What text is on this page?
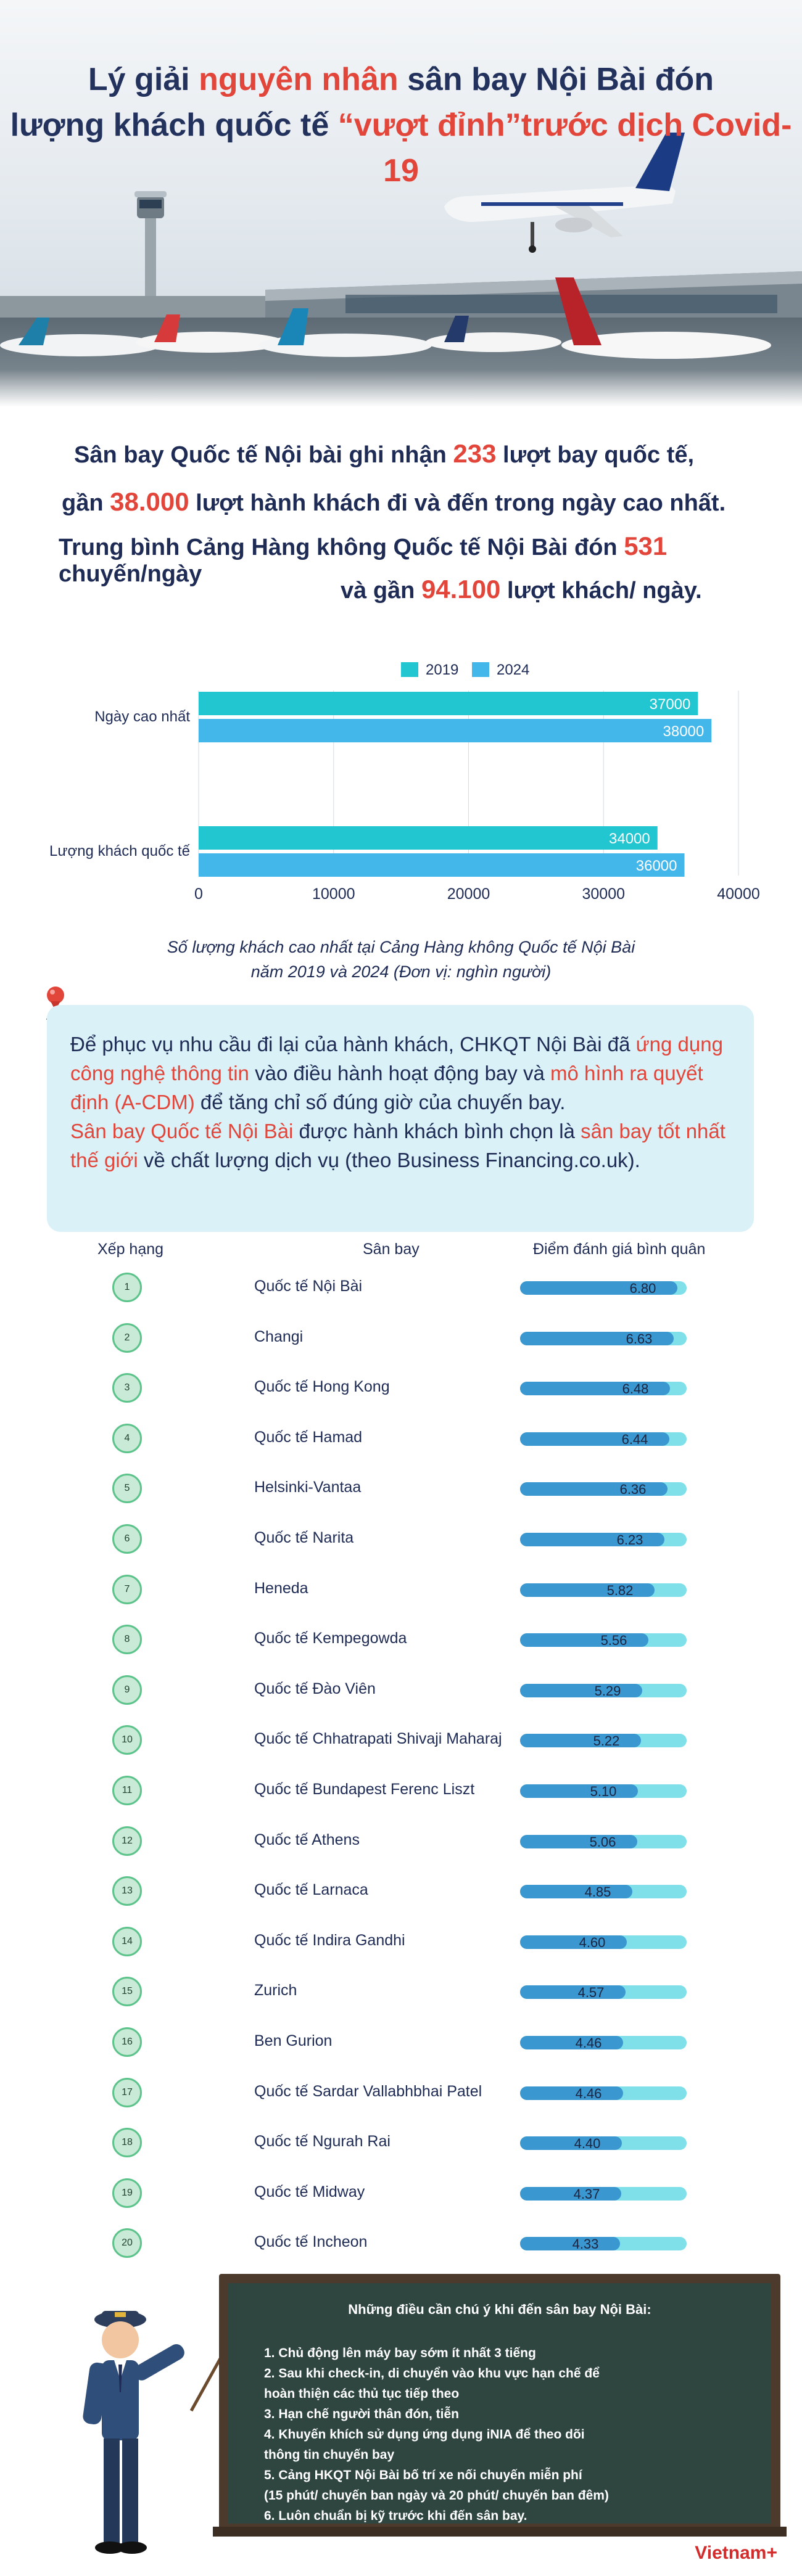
Lý giải nguyên nhân sân bay Nội Bài đón
lượng khách quốc tế “vượt đỉnh”trước dịch Covid-19
Sân bay Quốc tế Nội bài ghi nhận 233 lượt bay quốc tế,
gần 38.000 lượt hành khách đi và đến trong ngày cao nhất.
Trung bình Cảng Hàng không Quốc tế Nội Bài đón 531 chuyến/ngày
và gần 94.100 lượt khách/ ngày.
0	10000	20000	30000	40000
2019	2024
Ngày cao nhất
37000
38000
Lượng khách quốc tế
34000
36000
Số lượng khách cao nhất tại Cảng Hàng không Quốc tế Nội Bài
năm 2019 và 2024 (Đơn vị: nghìn người)
Để phục vụ nhu cầu đi lại của hành khách, CHKQT Nội Bài đã ứng dụng công nghệ thông tin vào điều hành hoạt động bay và mô hình ra quyết định (A-CDM) để tăng chỉ số đúng giờ của chuyến bay.
Sân bay Quốc tế Nội Bài được hành khách bình chọn là sân bay tốt nhất thế giới về chất lượng dịch vụ (theo Business Financing.co.uk).
Xếp hạng	Sân bay	Điểm đánh giá bình quân
1	Quốc tế Nội Bài	6.80
2	Changi	6.63
3	Quốc tế Hong Kong	6.48
4	Quốc tế Hamad	6.44
5	Helsinki-Vantaa	6.36
6	Quốc tế Narita	6.23
7	Heneda	5.82
8	Quốc tế Kempegowda	5.56
9	Quốc tế Đào Viên	5.29
10	Quốc tế Chhatrapati Shivaji Maharaj	5.22
11	Quốc tế Bundapest Ferenc Liszt	5.10
12	Quốc tế Athens	5.06
13	Quốc tế Larnaca	4.85
14	Quốc tế Indira Gandhi	4.60
15	Zurich	4.57
16	Ben Gurion	4.46
17	Quốc tế Sardar Vallabhbhai Patel	4.46
18	Quốc tế Ngurah Rai	4.40
19	Quốc tế Midway	4.37
20	Quốc tế Incheon	4.33
Những điều cần chú ý khi đến sân bay Nội Bài:
1. Chủ động lên máy bay sớm ít nhất 3 tiếng
2. Sau khi check-in, di chuyển vào khu vực hạn chế để
hoàn thiện các thủ tục tiếp theo
3. Hạn chế người thân đón, tiễn
4. Khuyến khích sử dụng ứng dụng iNIA để theo dõi
thông tin chuyến bay
5. Cảng HKQT Nội Bài bố trí xe nối chuyến miễn phí
(15 phút/ chuyến ban ngày và 20 phút/ chuyến ban đêm)
6. Luôn chuẩn bị kỹ trước khi đến sân bay.
Vietnam+
